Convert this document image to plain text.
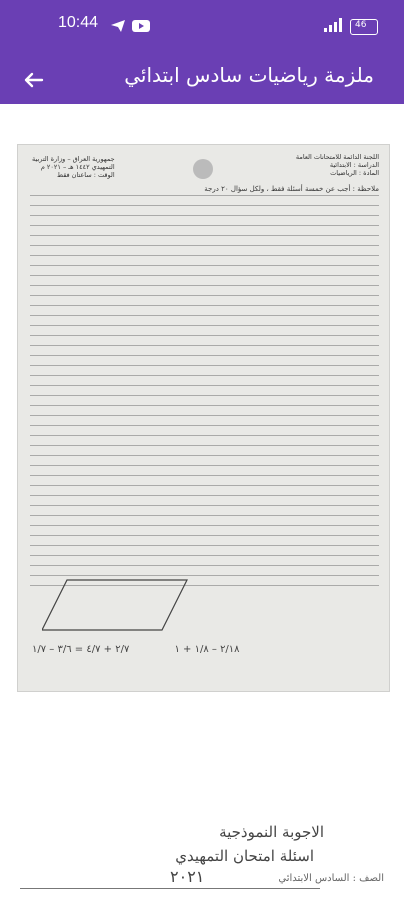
10:44	46
ملزمة رياضيات سادس ابتدائي
اللجنة الدائمة للامتحانات العامة
الدراسة : الابتدائية
المادة : الرياضيات
جمهورية العراق – وزارة التربية
التمهيدي ١٤٤٢ هـ – ٢٠٢١ م
الوقت : ساعتان فقط
ملاحظة : أجب عن خمسة أسئلة فقط ، ولكل سؤال ٢٠ درجة
٢/٧ + ٤/٧ = ٣/٦ – ١/٧	٢/١٨ – ١/٨ + ١
الاجوبة النموذجية
اسئلة امتحان التمهيدي
الصف : السادس الابتدائي
٢٠٢١
